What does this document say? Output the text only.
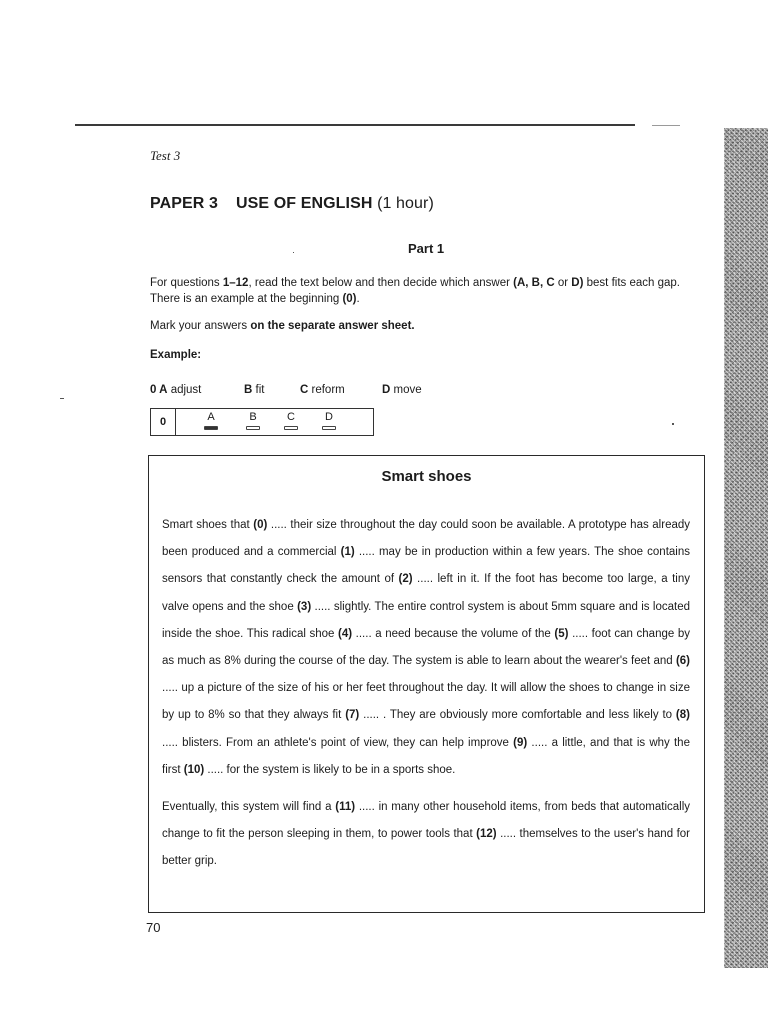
Test 3
PAPER 3 USE OF ENGLISH (1 hour)
Part 1
For questions 1–12, read the text below and then decide which answer (A, B, C or D) best fits each gap. There is an example at the beginning (0).
Mark your answers on the separate answer sheet.
Example:
0 A adjust	B fit	C reform	D move
0	A	B	C	D
Smart shoes

Smart shoes that (0) ..... their size throughout the day could soon be available. A prototype has already been produced and a commercial (1) ..... may be in production within a few years. The shoe contains sensors that constantly check the amount of (2) ..... left in it. If the foot has become too large, a tiny valve opens and the shoe (3) ..... slightly. The entire control system is about 5mm square and is located inside the shoe. This radical shoe (4) ..... a need because the volume of the (5) ..... foot can change by as much as 8% during the course of the day. The system is able to learn about the wearer's feet and (6) ..... up a picture of the size of his or her feet throughout the day. It will allow the shoes to change in size by up to 8% so that they always fit (7) ..... . They are obviously more comfortable and less likely to (8) ..... blisters. From an athlete's point of view, they can help improve (9) ..... a little, and that is why the first (10) ..... for the system is likely to be in a sports shoe.

Eventually, this system will find a (11) ..... in many other household items, from beds that automatically change to fit the person sleeping in them, to power tools that (12) ..... themselves to the user's hand for better grip.

70
